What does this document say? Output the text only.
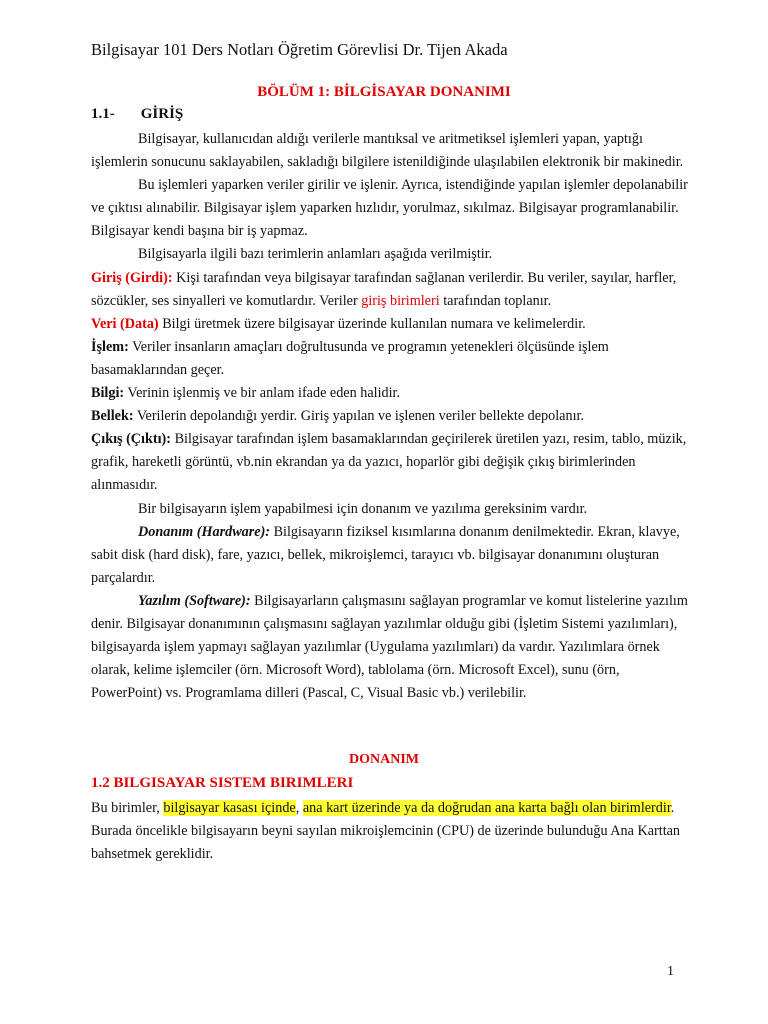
Bilgisayar 101 Ders Notları Öğretim Görevlisi Dr. Tijen Akada
BÖLÜM 1: BİLGİSAYAR DONANIMI
1.1- GİRİŞ

Bilgisayar, kullanıcıdan aldığı verilerle mantıksal ve aritmetiksel işlemleri yapan, yaptığı işlemlerin sonucunu saklayabilen, sakladığı bilgilere istenildiğinde ulaşılabilen elektronik bir makinedir.

Bu işlemleri yaparken veriler girilir ve işlenir. Ayrıca, istendiğinde yapılan işlemler depolanabilir ve çıktısı alınabilir. Bilgisayar işlem yaparken hızlıdır, yorulmaz, sıkılmaz. Bilgisayar programlanabilir. Bilgisayar kendi başına bir iş yapmaz.

Bilgisayarla ilgili bazı terimlerin anlamları aşağıda verilmiştir.

Giriş (Girdi): Kişi tarafından veya bilgisayar tarafından sağlanan verilerdir. Bu veriler, sayılar, harfler, sözcükler, ses sinyalleri ve komutlardır. Veriler giriş birimleri tarafından toplanır.

Veri (Data) Bilgi üretmek üzere bilgisayar üzerinde kullanılan numara ve kelimelerdir.

İşlem: Veriler insanların amaçları doğrultusunda ve programın yetenekleri ölçüsünde işlem basamaklarından geçer.

Bilgi: Verinin işlenmiş ve bir anlam ifade eden halidir.

Bellek: Verilerin depolandığı yerdir. Giriş yapılan ve işlenen veriler bellekte depolanır.

Çıkış (Çıktı): Bilgisayar tarafından işlem basamaklarından geçirilerek üretilen yazı, resim, tablo, müzik, grafik, hareketli görüntü, vb.nin ekrandan ya da yazıcı, hoparlör gibi değişik çıkış birimlerinden alınmasıdır.

Bir bilgisayarın işlem yapabilmesi için donanım ve yazılıma gereksinim vardır.

Donanım (Hardware): Bilgisayarın fiziksel kısımlarına donanım denilmektedir. Ekran, klavye, sabit disk (hard disk), fare, yazıcı, bellek, mikroişlemci, tarayıcı vb. bilgisayar donanımını oluşturan parçalardır.

Yazılım (Software): Bilgisayarların çalışmasını sağlayan programlar ve komut listelerine yazılım denir. Bilgisayar donanımının çalışmasını sağlayan yazılımlar olduğu gibi (İşletim Sistemi yazılımları), bilgisayarda işlem yapmayı sağlayan yazılımlar (Uygulama yazılımları) da vardır. Yazılımlara örnek olarak, kelime işlemciler (örn. Microsoft Word), tablolama (örn. Microsoft Excel), sunu (örn, PowerPoint) vs. Programlama dilleri (Pascal, C, Visual Basic vb.) verilebilir.

DONANIM
1.2 BILGISAYAR SISTEM BIRIMLERI

Bu birimler, bilgisayar kasası içinde, ana kart üzerinde ya da doğrudan ana karta bağlı olan birimlerdir.

Burada öncelikle bilgisayarın beyni sayılan mikroişlemcinin (CPU) de üzerinde bulunduğu Ana Karttan bahsetmek gereklidir.

1
